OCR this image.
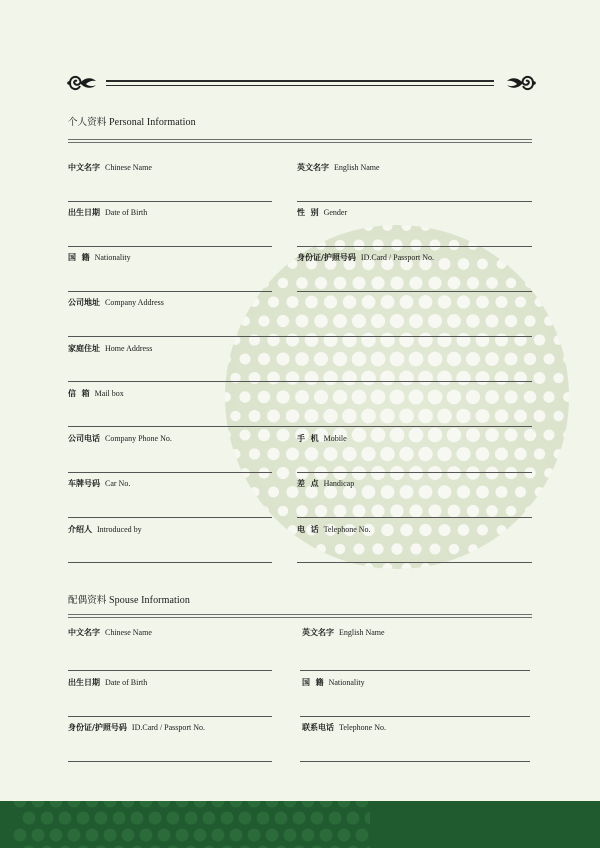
个人资料 Personal Information
中文名字 Chinese Name	英文名字 English Name
出生日期 Date of Birth	性  别 Gender
国  籍 Nationality	身份证/护照号码 ID.Card / Passport No.
公司地址 Company Address
家庭住址 Home Address
信  箱 Mail box
公司电话 Company Phone No.	手  机 Mobile
车牌号码 Car No.	差  点 Handicap
介绍人 Introduced by	电  话 Telephone No.
配偶资料 Spouse Information
中文名字 Chinese Name	英文名字 English Name
出生日期 Date of Birth	国  籍 Nationality
身份证/护照号码 ID.Card / Passport No.	联系电话 Telephone No.
